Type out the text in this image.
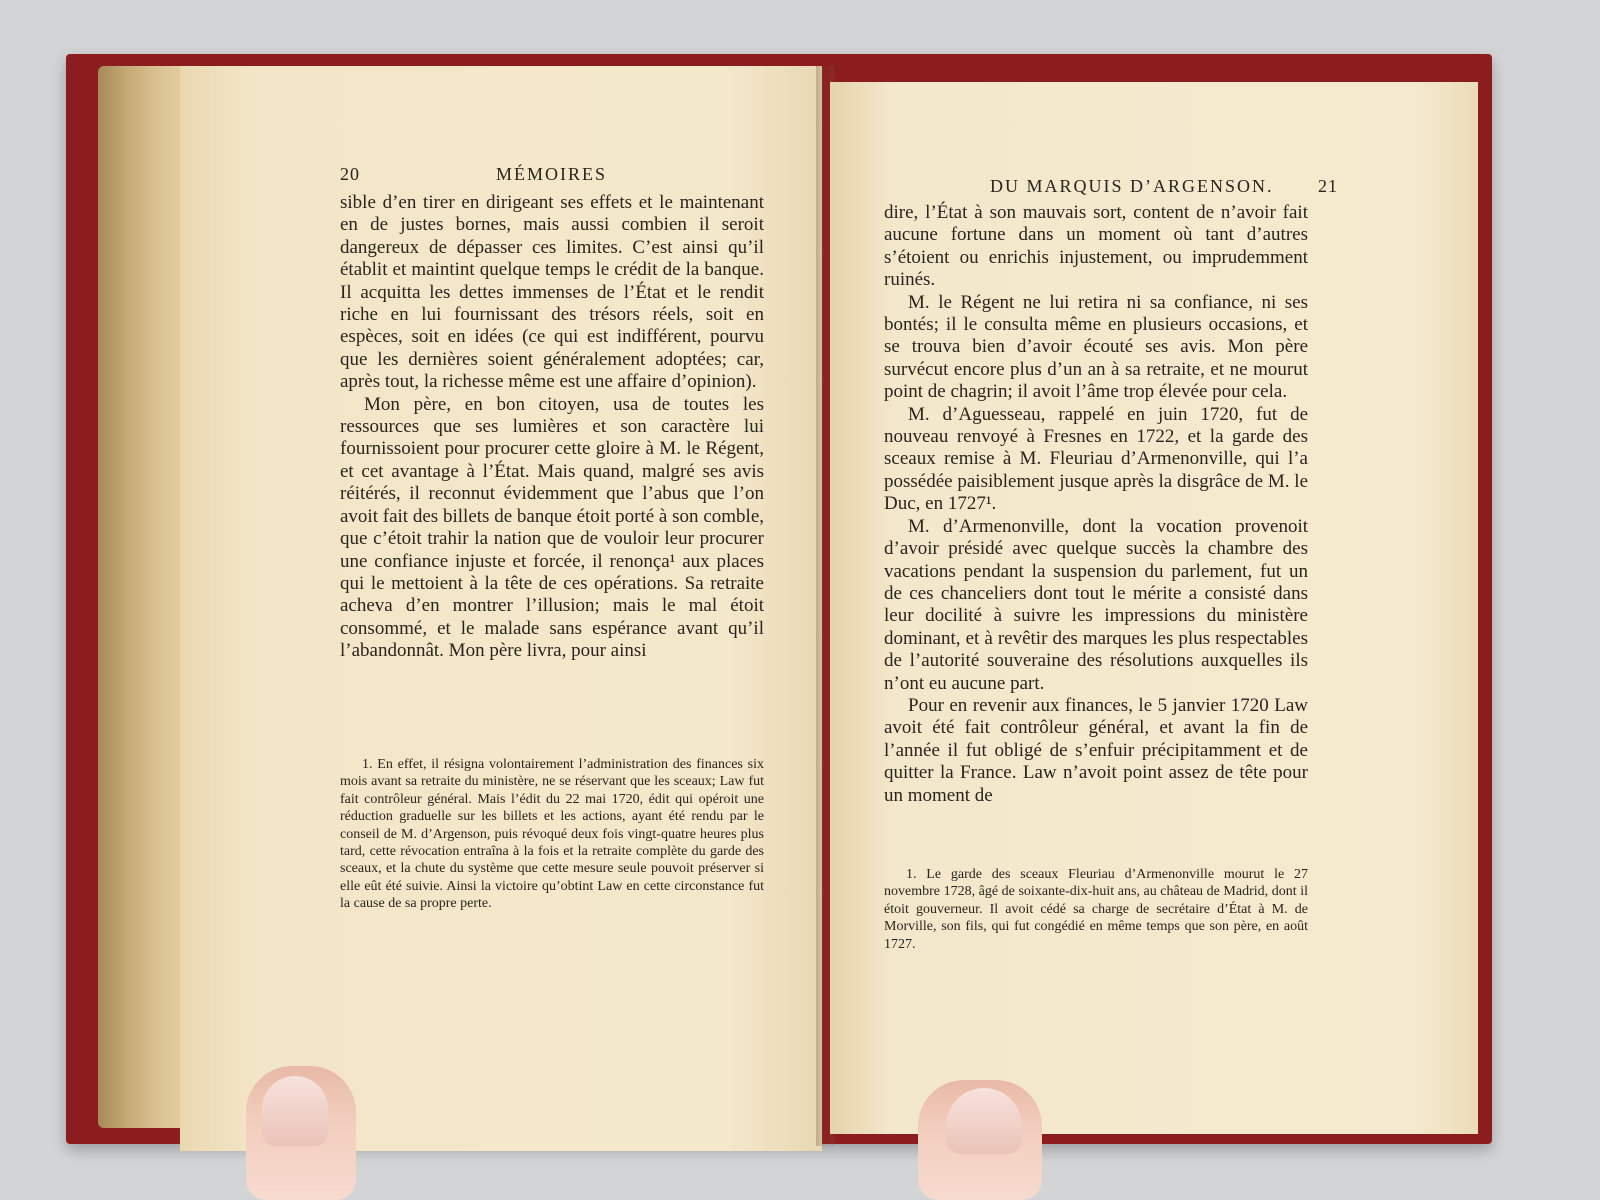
20	MÉMOIRES

sible d’en tirer en dirigeant ses effets et le maintenant en de justes bornes, mais aussi combien il seroit dangereux de dépasser ces limites. C’est ainsi qu’il établit et maintint quelque temps le crédit de la banque. Il acquitta les dettes immenses de l’État et le rendit riche en lui fournissant des trésors réels, soit en espèces, soit en idées (ce qui est indifférent, pourvu que les dernières soient généralement adoptées; car, après tout, la richesse même est une affaire d’opinion).

Mon père, en bon citoyen, usa de toutes les ressources que ses lumières et son caractère lui fournissoient pour procurer cette gloire à M. le Régent, et cet avantage à l’État. Mais quand, malgré ses avis réitérés, il reconnut évidemment que l’abus que l’on avoit fait des billets de banque étoit porté à son comble, que c’étoit trahir la nation que de vouloir leur procurer une confiance injuste et forcée, il renonça¹ aux places qui le mettoient à la tête de ces opérations. Sa retraite acheva d’en montrer l’illusion; mais le mal étoit consommé, et le malade sans espérance avant qu’il l’abandonnât. Mon père livra, pour ainsi

1. En effet, il résigna volontairement l’administration des finances six mois avant sa retraite du ministère, ne se réservant que les sceaux; Law fut fait contrôleur général. Mais l’édit du 22 mai 1720, édit qui opéroit une réduction graduelle sur les billets et les actions, ayant été rendu par le conseil de M. d’Argenson, puis révoqué deux fois vingt-quatre heures plus tard, cette révocation entraîna à la fois et la retraite complète du garde des sceaux, et la chute du système que cette mesure seule pouvoit préserver si elle eût été suivie. Ainsi la victoire qu’obtint Law en cette circonstance fut la cause de sa propre perte.

DU MARQUIS D’ARGENSON. 21

dire, l’État à son mauvais sort, content de n’avoir fait aucune fortune dans un moment où tant d’autres s’étoient ou enrichis injustement, ou imprudemment ruinés.

M. le Régent ne lui retira ni sa confiance, ni ses bontés; il le consulta même en plusieurs occasions, et se trouva bien d’avoir écouté ses avis. Mon père survécut encore plus d’un an à sa retraite, et ne mourut point de chagrin; il avoit l’âme trop élevée pour cela.

M. d’Aguesseau, rappelé en juin 1720, fut de nouveau renvoyé à Fresnes en 1722, et la garde des sceaux remise à M. Fleuriau d’Armenonville, qui l’a possédée paisiblement jusque après la disgrâce de M. le Duc, en 1727¹.

M. d’Armenonville, dont la vocation provenoit d’avoir présidé avec quelque succès la chambre des vacations pendant la suspension du parlement, fut un de ces chanceliers dont tout le mérite a consisté dans leur docilité à suivre les impressions du ministère dominant, et à revêtir des marques les plus respectables de l’autorité souveraine des résolutions auxquelles ils n’ont eu aucune part.

Pour en revenir aux finances, le 5 janvier 1720 Law avoit été fait contrôleur général, et avant la fin de l’année il fut obligé de s’enfuir précipitamment et de quitter la France. Law n’avoit point assez de tête pour un moment de

1. Le garde des sceaux Fleuriau d’Armenonville mourut le 27 novembre 1728, âgé de soixante-dix-huit ans, au château de Madrid, dont il étoit gouverneur. Il avoit cédé sa charge de secrétaire d’État à M. de Morville, son fils, qui fut congédié en même temps que son père, en août 1727.
